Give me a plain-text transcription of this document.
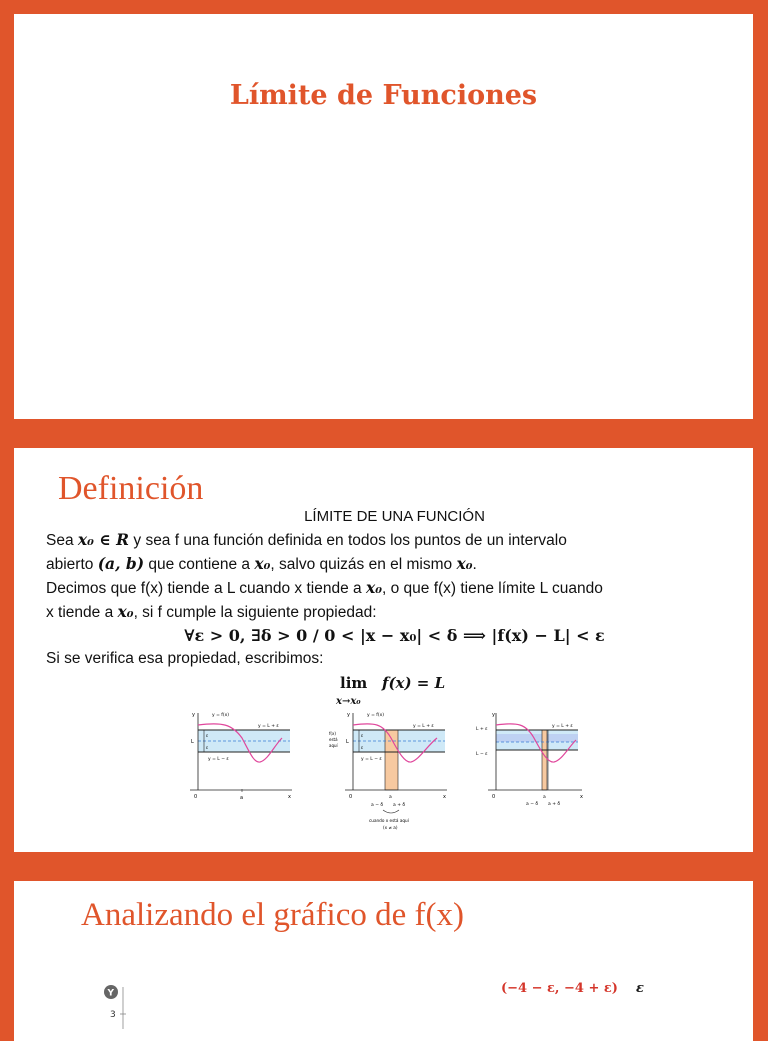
Límite de Funciones
Definición
LÍMITE DE UNA FUNCIÓN
Sea x₀ ∈ R y sea f una función definida en todos los puntos de un intervalo
abierto (a, b) que contiene a x₀, salvo quizás en el mismo x₀.
Decimos que f(x) tiende a L cuando x tiende a x₀, o que f(x) tiene límite L cuando
x tiende a x₀, si f cumple la siguiente propiedad:
∀ε > 0, ∃δ > 0 / 0 < |x − x₀| < δ ⟹ |f(x) − L| < ε
Si se verifica esa propiedad, escribimos:
lim
x→x₀
f(x) = L
y
x
y = f(x)
y = L + ε
y = L − ε
L
ε
ε
0	a
y
x
y = f(x)
y = L + ε
y = L − ε
f(x)
está
aquí
L
ε
ε
0	a
a − δ a + δ
cuando x está aquí
(x ≠ a)
y
x
y = L + ε
L + ε
L − ε
0	a
a − δ a + δ
Analizando el gráfico de f(x)
Y
3
(−4 − ε, −4 + ε) ε
